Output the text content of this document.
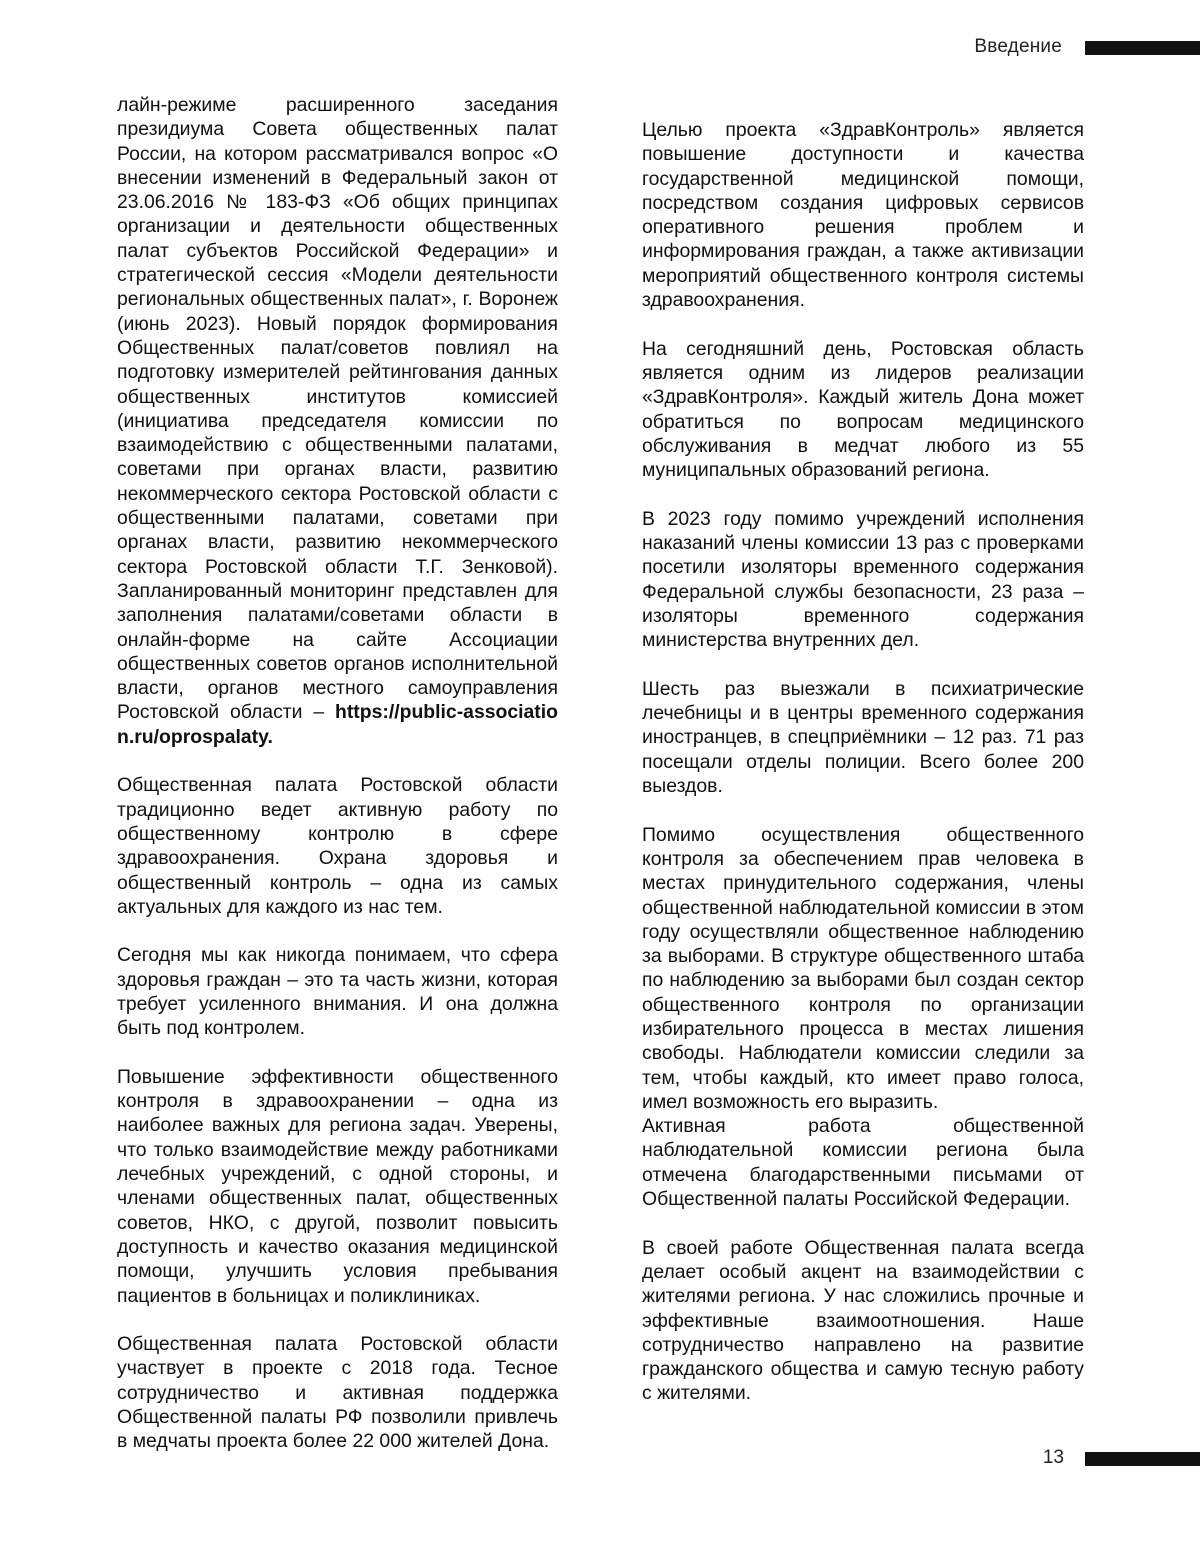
Введение

лайн-режиме расширенного заседания президиума Совета общественных палат России, на котором рассматривался вопрос «О внесении изменений в Федеральный закон от 23.06.2016 № 183-ФЗ «Об общих принципах организации и деятельности общественных палат субъектов Российской Федерации» и стратегической сессия «Модели деятельности региональных общественных палат», г. Воронеж (июнь 2023). Новый порядок формирования Общественных палат/советов повлиял на подготовку измерителей рейтингования данных общественных институтов комиссией (инициатива председателя комиссии по взаимодействию с общественными палатами, советами при органах власти, развитию некоммерческого сектора Ростовской области с общественными палатами, советами при органах власти, развитию некоммерческого сектора Ростовской области Т.Г. Зенковой). Запланированный мониторинг представлен для заполнения палатами/советами области в онлайн-форме на сайте Ассоциации общественных советов органов исполнительной власти, органов местного самоуправления Ростовской области – https://public-association.ru/oprospalaty.

Общественная палата Ростовской области традиционно ведет активную работу по общественному контролю в сфере здравоохранения. Охрана здоровья и общественный контроль – одна из самых актуальных для каждого из нас тем.

Сегодня мы как никогда понимаем, что сфера здоровья граждан – это та часть жизни, которая требует усиленного внимания. И она должна быть под контролем.

Повышение эффективности общественного контроля в здравоохранении – одна из наиболее важных для региона задач. Уверены, что только взаимодействие между работниками лечебных учреждений, с одной стороны, и членами общественных палат, общественных советов, НКО, с другой, позволит повысить доступность и качество оказания медицинской помощи, улучшить условия пребывания пациентов в больницах и поликлиниках.

Общественная палата Ростовской области участвует в проекте с 2018 года. Тесное сотрудничество и активная поддержка Общественной палаты РФ позволили привлечь в медчаты проекта более 22 000 жителей Дона.

Целью проекта «ЗдравКонтроль» является повышение доступности и качества государственной медицинской помощи, посредством создания цифровых сервисов оперативного решения проблем и информирования граждан, а также активизации мероприятий общественного контроля системы здравоохранения.

На сегодняшний день, Ростовская область является одним из лидеров реализации «ЗдравКонтроля». Каждый житель Дона может обратиться по вопросам медицинского обслуживания в медчат любого из 55 муниципальных образований региона.

В 2023 году помимо учреждений исполнения наказаний члены комиссии 13 раз с проверками посетили изоляторы временного содержания Федеральной службы безопасности, 23 раза – изоляторы временного содержания министерства внутренних дел.

Шесть раз выезжали в психиатрические лечебницы и в центры временного содержания иностранцев, в спецприёмники – 12 раз. 71 раз посещали отделы полиции. Всего более 200 выездов.

Помимо осуществления общественного контроля за обеспечением прав человека в местах принудительного содержания, члены общественной наблюдательной комиссии в этом году осуществляли общественное наблюдению за выборами. В структуре общественного штаба по наблюдению за выборами был создан сектор общественного контроля по организации избирательного процесса в местах лишения свободы. Наблюдатели комиссии следили за тем, чтобы каждый, кто имеет право голоса, имел возможность его выразить.

Активная работа общественной наблюдательной комиссии региона была отмечена благодарственными письмами от Общественной палаты Российской Федерации.

В своей работе Общественная палата всегда делает особый акцент на взаимодействии с жителями региона. У нас сложились прочные и эффективные взаимоотношения. Наше сотрудничество направлено на развитие гражданского общества и самую тесную работу с жителями.

13
